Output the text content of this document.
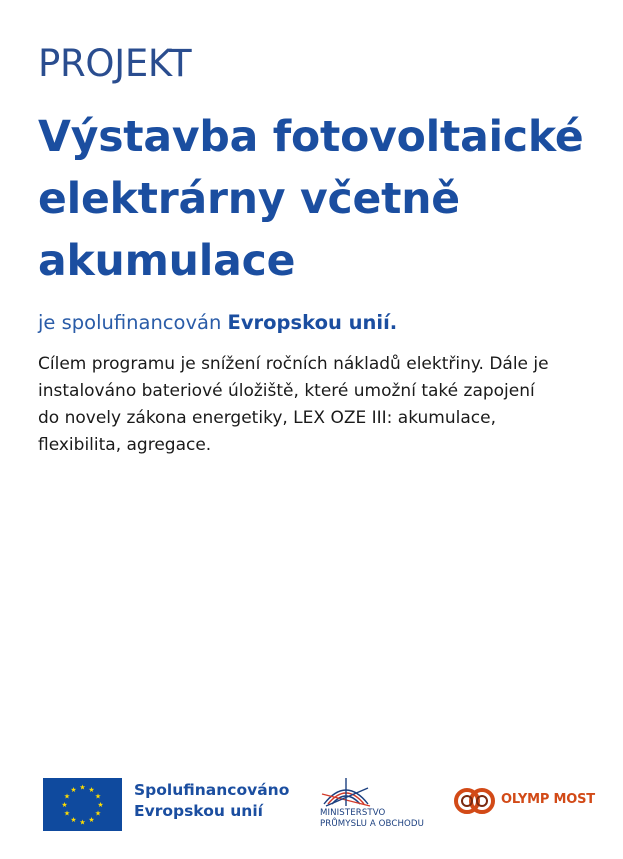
PROJEKT
Výstavba fotovoltaické
elektrárny včetně
akumulace
je spolufinancován Evropskou unií.
Cílem programu je snížení ročních nákladů elektřiny. Dále je
instalováno bateriové úložiště, které umožní také zapojení
do novely zákona energetiky, LEX OZE III: akumulace,
flexibilita, agregace.
★ ★
★
★
★
★
★
★
★
★
★
★	Spolufinancováno
Evropskou unií	MINISTERSTVO
PRŮMYSLU A OBCHODU
OLYMP MOST
